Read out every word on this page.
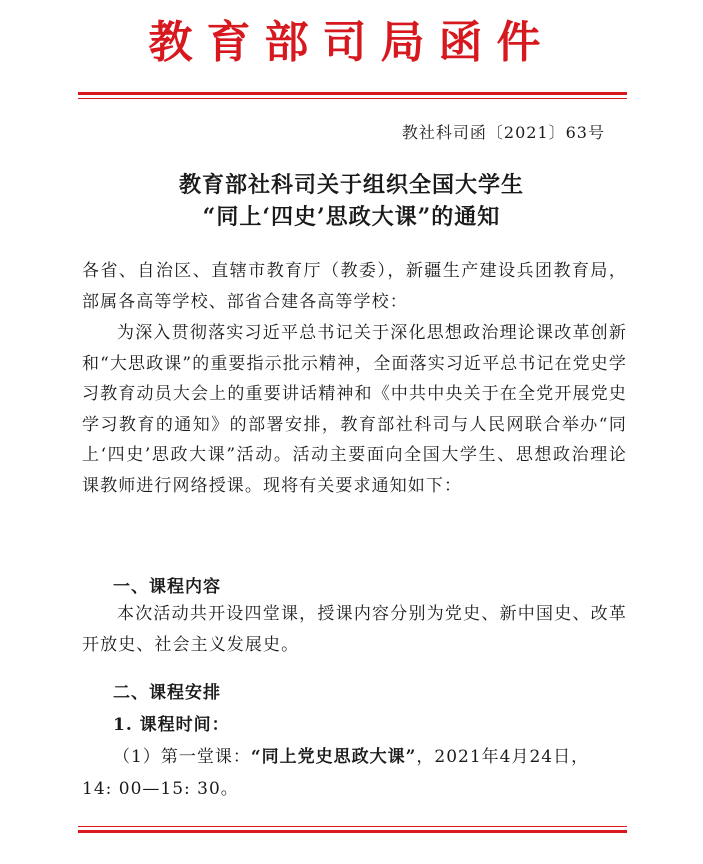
教育部司局函件
教社科司函〔2021〕63号
教育部社科司关于组织全国大学生
“同上‘四史’思政大课”的通知
各省、自治区、直辖市教育厅（教委），新疆生产建设兵团教育局，部属各高等学校、部省合建各高等学校：
为深入贯彻落实习近平总书记关于深化思想政治理论课改革创新和“大思政课”的重要指示批示精神，全面落实习近平总书记在党史学习教育动员大会上的重要讲话精神和《中共中央关于在全党开展党史学习教育的通知》的部署安排，教育部社科司与人民网联合举办“同上‘四史’思政大课”活动。活动主要面向全国大学生、思想政治理论课教师进行网络授课。现将有关要求通知如下：
一、课程内容
本次活动共开设四堂课，授课内容分别为党史、新中国史、改革开放史、社会主义发展史。
二、课程安排
1. 课程时间：
（1）第一堂课：“同上党史思政大课”，2021年4月24日，
14: 00—15: 30。
